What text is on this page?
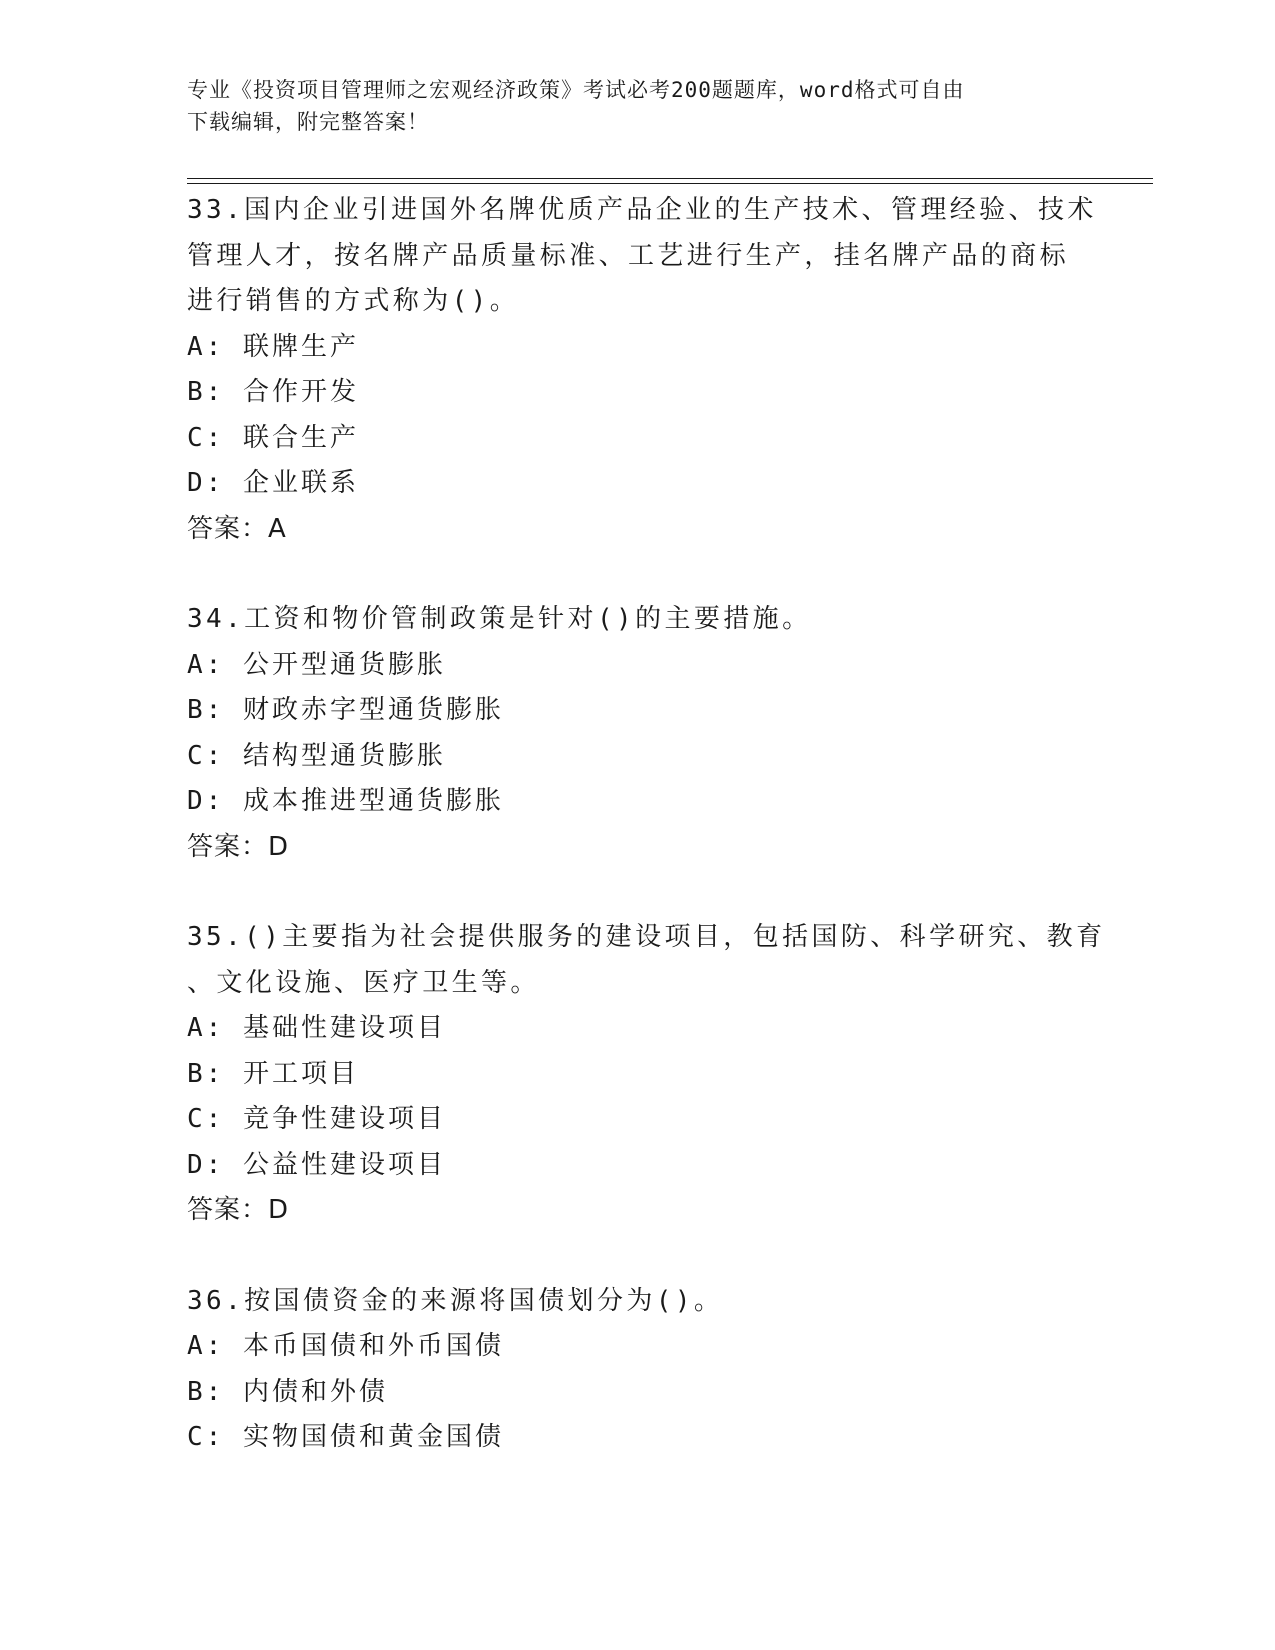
专业《投资项目管理师之宏观经济政策》考试必考200题题库，word格式可自由
下载编辑，附完整答案！
33.国内企业引进国外名牌优质产品企业的生产技术、管理经验、技术
管理人才，按名牌产品质量标准、工艺进行生产，挂名牌产品的商标
进行销售的方式称为()。
A: 联牌生产
B: 合作开发
C: 联合生产
D: 企业联系
答案：A
34.工资和物价管制政策是针对()的主要措施。
A: 公开型通货膨胀
B: 财政赤字型通货膨胀
C: 结构型通货膨胀
D: 成本推进型通货膨胀
答案：D
35.()主要指为社会提供服务的建设项目，包括国防、科学研究、教育
、文化设施、医疗卫生等。
A: 基础性建设项目
B: 开工项目
C: 竞争性建设项目
D: 公益性建设项目
答案：D
36.按国债资金的来源将国债划分为()。
A: 本币国债和外币国债
B: 内债和外债
C: 实物国债和黄金国债
